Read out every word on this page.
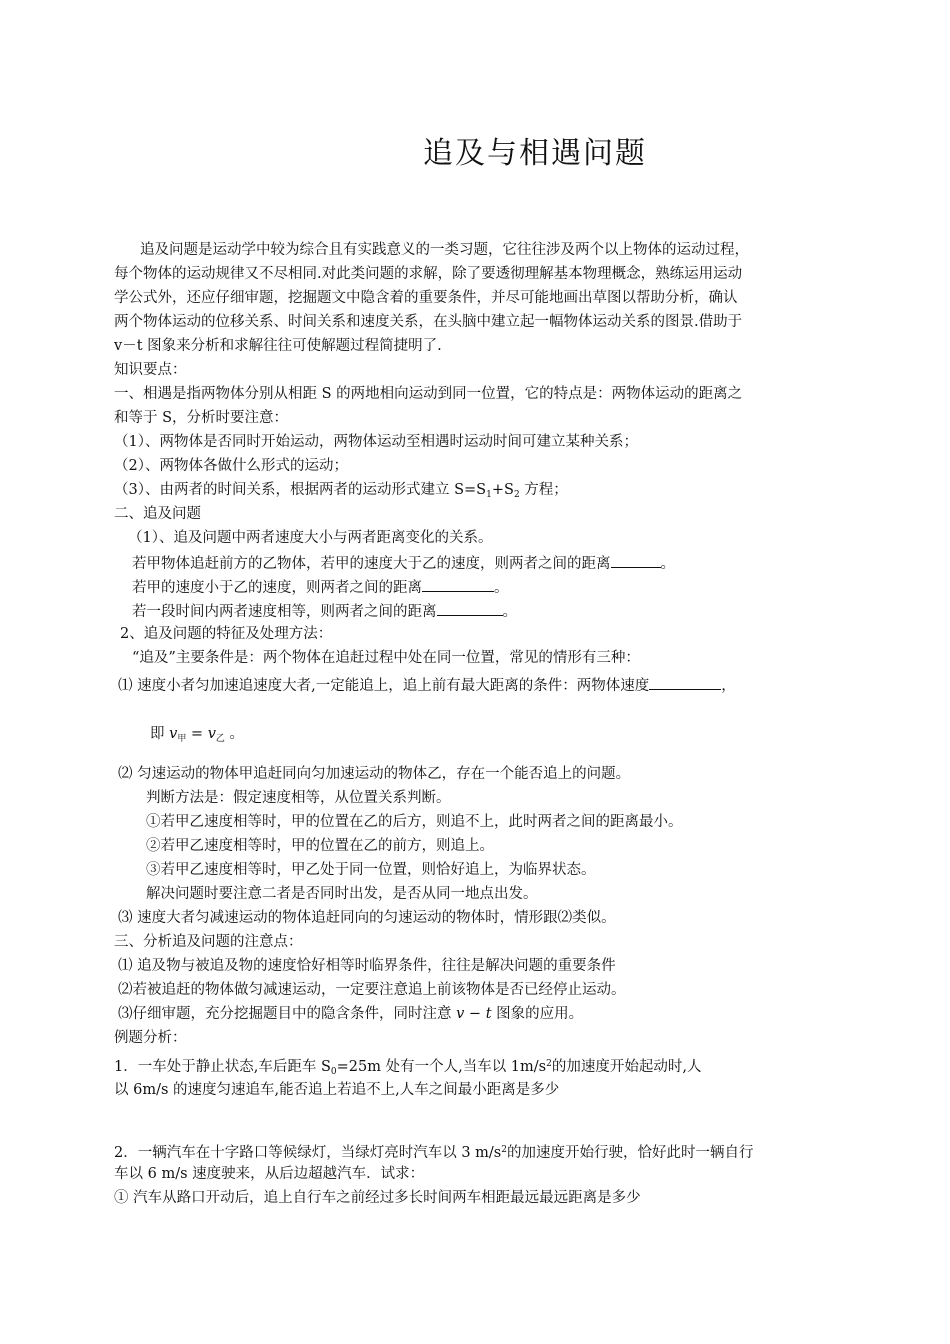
追及与相遇问题
追及问题是运动学中较为综合且有实践意义的一类习题，它往往涉及两个以上物体的运动过程，
每个物体的运动规律又不尽相同.对此类问题的求解，除了要透彻理解基本物理概念，熟练运用运动
学公式外，还应仔细审题，挖掘题文中隐含着的重要条件，并尽可能地画出草图以帮助分析，确认
两个物体运动的位移关系、时间关系和速度关系，在头脑中建立起一幅物体运动关系的图景.借助于
v－t 图象来分析和求解往往可使解题过程简捷明了.
知识要点：
一、相遇是指两物体分别从相距 S 的两地相向运动到同一位置，它的特点是：两物体运动的距离之
和等于 S，分析时要注意：
（1）、两物体是否同时开始运动，两物体运动至相遇时运动时间可建立某种关系；
（2）、两物体各做什么形式的运动；
（3）、由两者的时间关系，根据两者的运动形式建立 $S=S_1+S_2$ 方程；
二、追及问题
（1）、追及问题中两者速度大小与两者距离变化的关系。
若甲物体追赶前方的乙物体，若甲的速度大于乙的速度，则两者之间的距离	。
若甲的速度小于乙的速度，则两者之间的距离	。
若一段时间内两者速度相等，则两者之间的距离	。
2、追及问题的特征及处理方法：
“追及”主要条件是：两个物体在追赶过程中处在同一位置，常见的情形有三种：
⑴ 速度小者匀加速追速度大者,一定能追上，追上前有最大距离的条件：两物体速度	，
即 $v_甲 = v_乙$ 。
⑵ 匀速运动的物体甲追赶同向匀加速运动的物体乙，存在一个能否追上的问题。
判断方法是：假定速度相等，从位置关系判断。
①若甲乙速度相等时，甲的位置在乙的后方，则追不上，此时两者之间的距离最小。
②若甲乙速度相等时，甲的位置在乙的前方，则追上。
③若甲乙速度相等时，甲乙处于同一位置，则恰好追上，为临界状态。
解决问题时要注意二者是否同时出发，是否从同一地点出发。
⑶ 速度大者匀减速运动的物体追赶同向的匀速运动的物体时，情形跟⑵类似。
三、分析追及问题的注意点：
⑴ 追及物与被追及物的速度恰好相等时临界条件，往往是解决问题的重要条件
⑵若被追赶的物体做匀减速运动，一定要注意追上前该物体是否已经停止运动。
⑶仔细审题，充分挖掘题目中的隐含条件，同时注意 v − t 图象的应用。
例题分析：
1．一车处于静止状态,车后距车 $S_0=25m$ 处有一个人,当车以 $1m/s^2$的加速度开始起动时,人
以 6m/s 的速度匀速追车,能否追上若追不上,人车之间最小距离是多少
2．一辆汽车在十字路口等候绿灯，当绿灯亮时汽车以 3 $m/s^2$的加速度开始行驶，恰好此时一辆自行
车以 6 m/s 速度驶来，从后边超越汽车．试求：
① 汽车从路口开动后，追上自行车之前经过多长时间两车相距最远最远距离是多少
